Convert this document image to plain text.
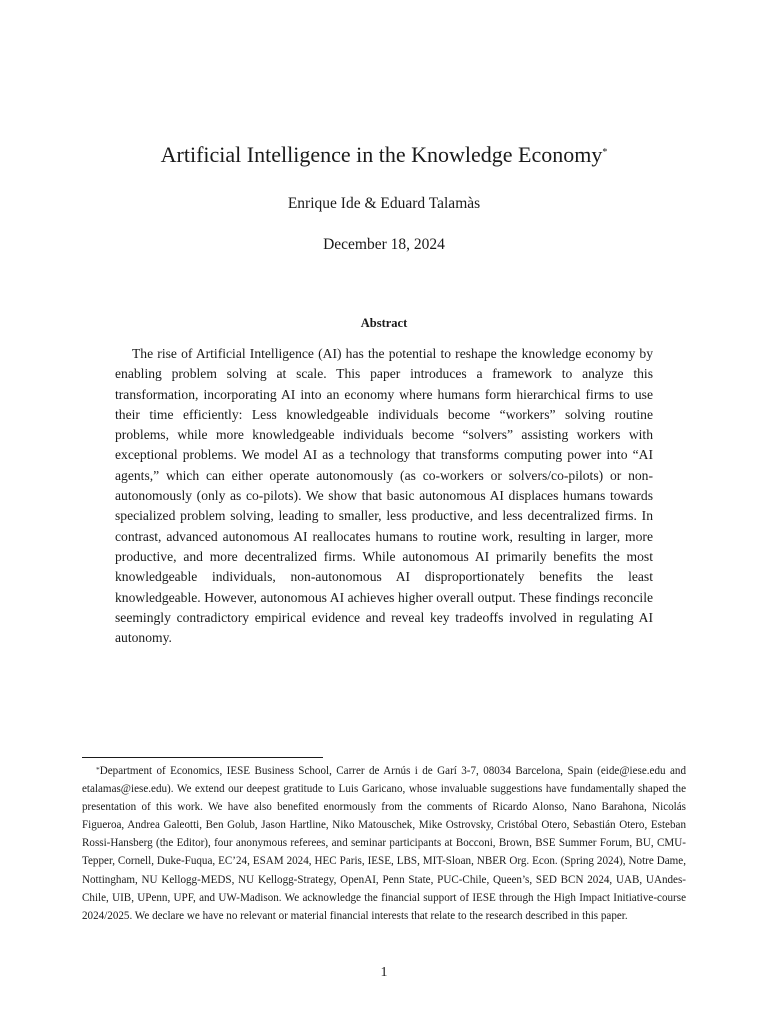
Artificial Intelligence in the Knowledge Economy*
Enrique Ide & Eduard Talamàs
December 18, 2024
Abstract

The rise of Artificial Intelligence (AI) has the potential to reshape the knowledge economy by enabling problem solving at scale. This paper introduces a framework to analyze this transformation, incorporating AI into an economy where humans form hierarchical firms to use their time efficiently: Less knowledgeable individuals become “workers” solving routine problems, while more knowledgeable individuals become “solvers” assisting workers with exceptional problems. We model AI as a technology that transforms computing power into “AI agents,” which can either operate autonomously (as co-workers or solvers/co-pilots) or non-autonomously (only as co-pilots). We show that basic autonomous AI displaces humans towards specialized problem solving, leading to smaller, less productive, and less decentralized firms. In contrast, advanced autonomous AI reallocates humans to routine work, resulting in larger, more productive, and more decentralized firms. While autonomous AI primarily benefits the most knowledgeable individuals, non-autonomous AI disproportionately benefits the least knowledgeable. However, autonomous AI achieves higher overall output. These findings reconcile seemingly contradictory empirical evidence and reveal key tradeoffs involved in regulating AI autonomy.

*Department of Economics, IESE Business School, Carrer de Arnús i de Garí 3-7, 08034 Barcelona, Spain (eide@iese.edu and etalamas@iese.edu). We extend our deepest gratitude to Luis Garicano, whose invaluable suggestions have fundamentally shaped the presentation of this work. We have also benefited enormously from the comments of Ricardo Alonso, Nano Barahona, Nicolás Figueroa, Andrea Galeotti, Ben Golub, Jason Hartline, Niko Matouschek, Mike Ostrovsky, Cristóbal Otero, Sebastián Otero, Esteban Rossi-Hansberg (the Editor), four anonymous referees, and seminar participants at Bocconi, Brown, BSE Summer Forum, BU, CMU-Tepper, Cornell, Duke-Fuqua, EC’24, ESAM 2024, HEC Paris, IESE, LBS, MIT-Sloan, NBER Org. Econ. (Spring 2024), Notre Dame, Nottingham, NU Kellogg-MEDS, NU Kellogg-Strategy, OpenAI, Penn State, PUC-Chile, Queen’s, SED BCN 2024, UAB, UAndes-Chile, UIB, UPenn, UPF, and UW-Madison. We acknowledge the financial support of IESE through the High Impact Initiative-course 2024/2025. We declare we have no relevant or material financial interests that relate to the research described in this paper.

1
